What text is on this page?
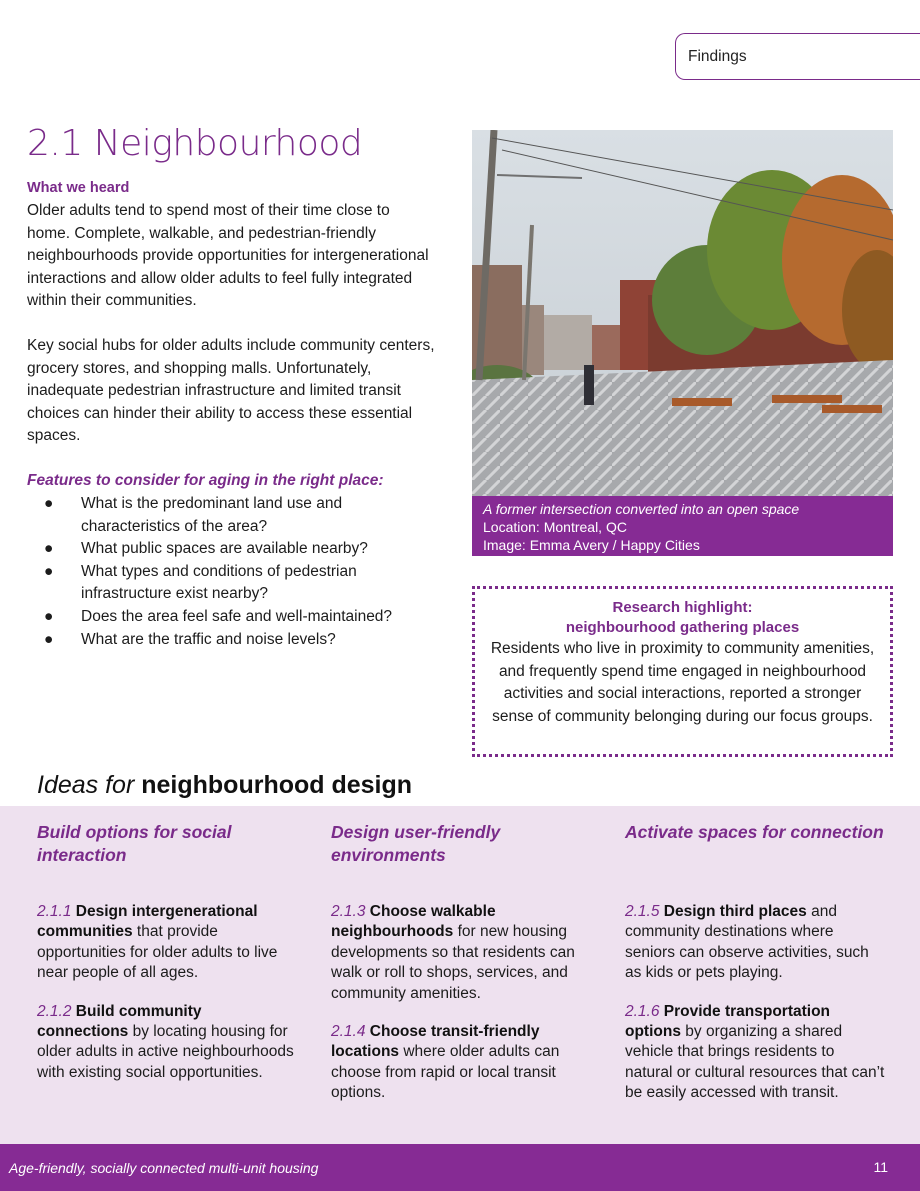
Findings
2.1 Neighbourhood
What we heard

Older adults tend to spend most of their time close to home. Complete, walkable, and pedestrian-friendly neighbourhoods provide opportunities for intergenerational interactions and allow older adults to feel fully integrated within their communities.

Key social hubs for older adults include community centers, grocery stores, and shopping malls. Unfortunately, inadequate pedestrian infrastructure and limited transit choices can hinder their ability to access these essential spaces.

Features to consider for aging in the right place:
● What is the predominant land use and characteristics of the area?
● What public spaces are available nearby?
● What types and conditions of pedestrian infrastructure exist nearby?
● Does the area feel safe and well-maintained?
● What are the traffic and noise levels?
A former intersection converted into an open space
Location: Montreal, QC
Image: Emma Avery / Happy Cities
Research highlight:
neighbourhood gathering places
Residents who live in proximity to community amenities, and frequently spend time engaged in neighbourhood activities and social interactions, reported a stronger sense of community belonging during our focus groups.
Ideas for neighbourhood design
Build options for social interaction

2.1.1 Design intergenerational communities that provide opportunities for older adults to live near people of all ages.

2.1.2 Build community connections by locating housing for older adults in active neighbourhoods with existing social opportunities.

Design user-friendly environments

2.1.3 Choose walkable neighbourhoods for new housing developments so that residents can walk or roll to shops, services, and community amenities.

2.1.4 Choose transit-friendly locations where older adults can choose from rapid or local transit options.

Activate spaces for connection

2.1.5 Design third places and community destinations where seniors can observe activities, such as kids or pets playing.

2.1.6 Provide transportation options by organizing a shared vehicle that brings residents to natural or cultural resources that can’t be easily accessed with transit.

Age-friendly, socially connected multi-unit housing	11
